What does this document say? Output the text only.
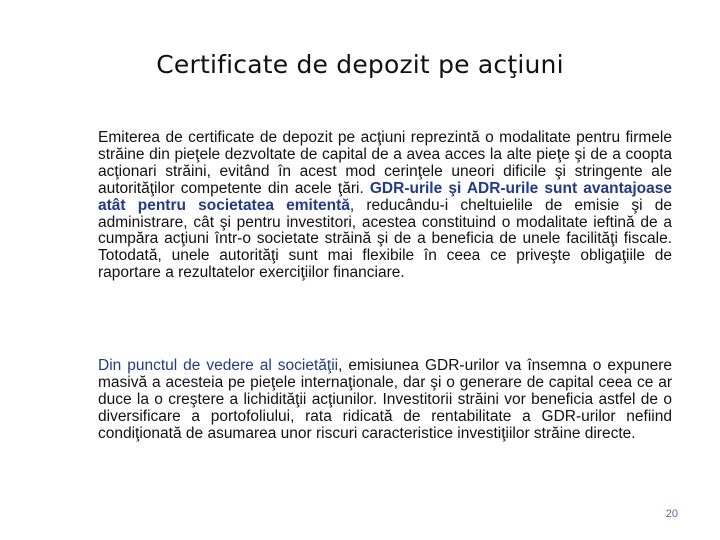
Certificate de depozit pe acţiuni

Emiterea de certificate de depozit pe acţiuni reprezintă o modalitate pentru firmele străine din pieţele dezvoltate de capital de a avea acces la alte pieţe şi de a coopta acţionari străini, evitând în acest mod cerinţele uneori dificile şi stringente ale autorităţilor competente din acele ţări. GDR-urile şi ADR-urile sunt avantajoase atât pentru societatea emitentă, reducându-i cheltuielile de emisie şi de administrare, cât şi pentru investitori, acestea constituind o modalitate ieftină de a cumpăra acţiuni într-o societate străină şi de a beneficia de unele facilităţi fiscale. Totodată, unele autorităţi sunt mai flexibile în ceea ce priveşte obligaţiile de raportare a rezultatelor exerciţiilor financiare.

Din punctul de vedere al societăţii, emisiunea GDR-urilor va însemna o expunere masivă a acesteia pe pieţele internaţionale, dar şi o generare de capital ceea ce ar duce la o creştere a lichidităţii acţiunilor. Investitorii străini vor beneficia astfel de o diversificare a portofoliului, rata ridicată de rentabilitate a GDR-urilor nefiind condiţionată de asumarea unor riscuri caracteristice investiţiilor străine directe.

20
